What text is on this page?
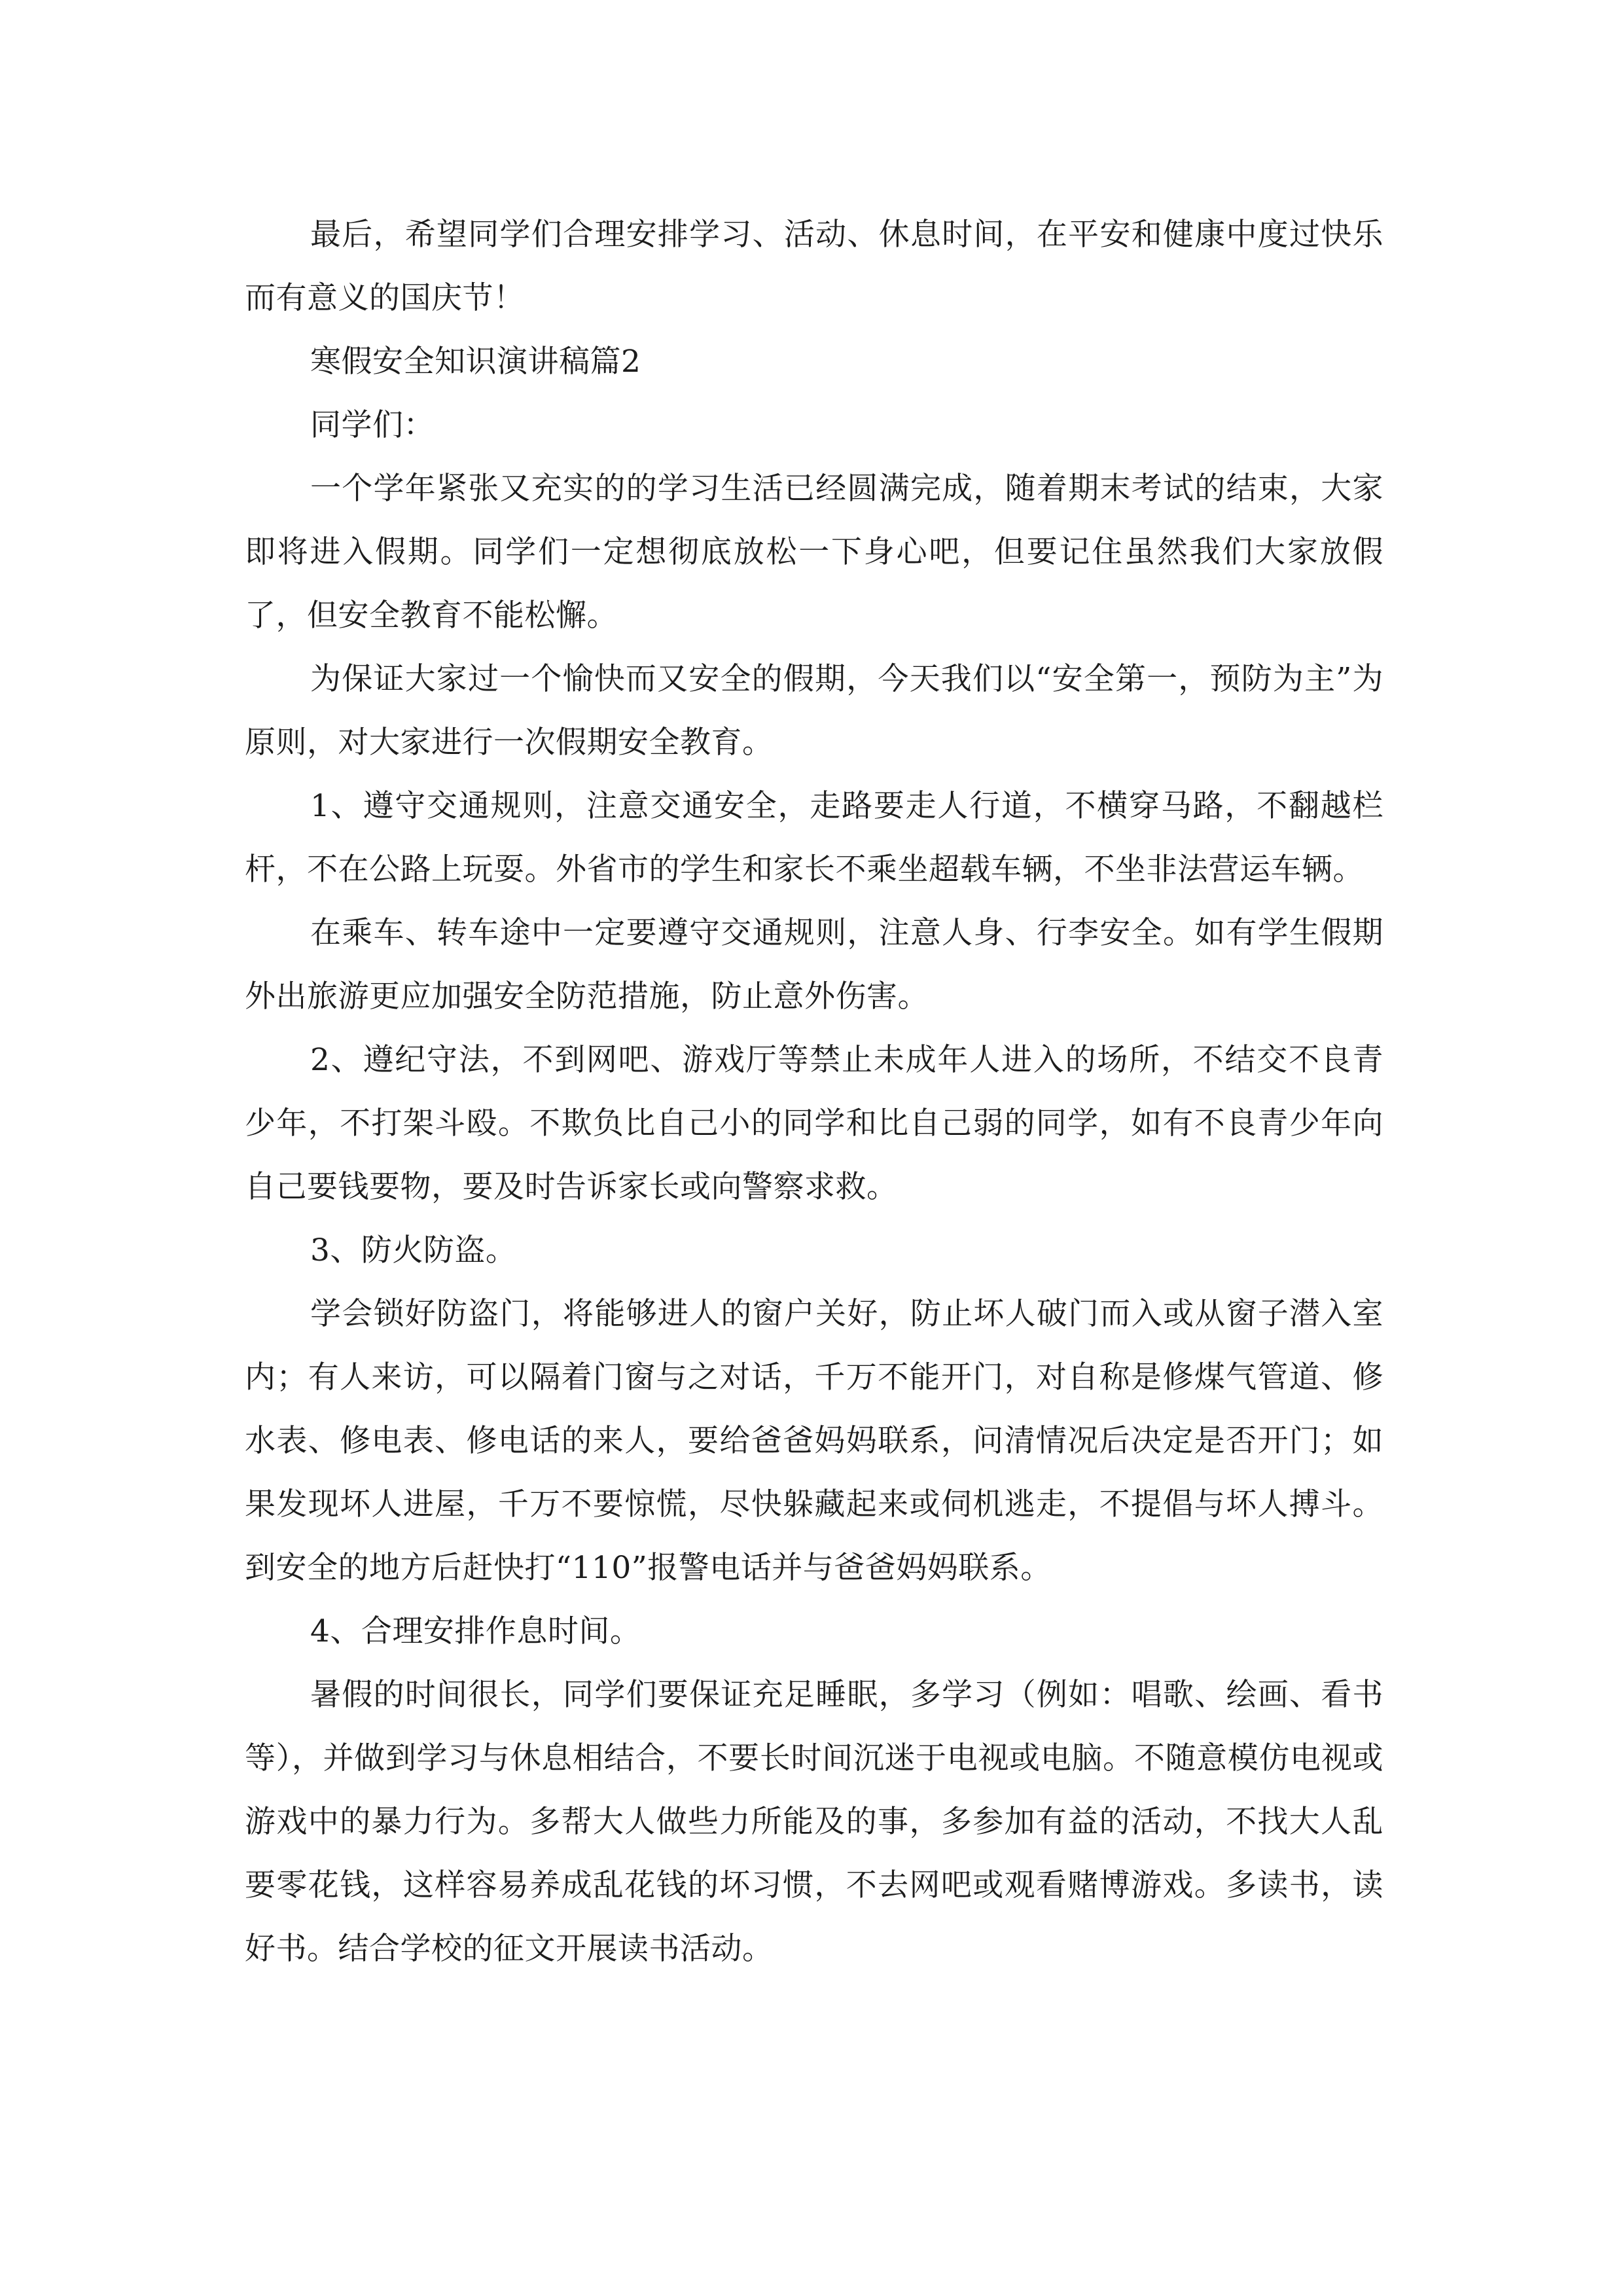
最后，希望同学们合理安排学习、活动、休息时间，在平安和健康中度过快乐而有意义的国庆节！

寒假安全知识演讲稿篇2

同学们：

一个学年紧张又充实的的学习生活已经圆满完成，随着期末考试的结束，大家即将进入假期。同学们一定想彻底放松一下身心吧，但要记住虽然我们大家放假了，但安全教育不能松懈。

为保证大家过一个愉快而又安全的假期，今天我们以“安全第一，预防为主”为原则，对大家进行一次假期安全教育。

1、遵守交通规则，注意交通安全，走路要走人行道，不横穿马路，不翻越栏杆，不在公路上玩耍。外省市的学生和家长不乘坐超载车辆，不坐非法营运车辆。

在乘车、转车途中一定要遵守交通规则，注意人身、行李安全。如有学生假期外出旅游更应加强安全防范措施，防止意外伤害。

2、遵纪守法，不到网吧、游戏厅等禁止未成年人进入的场所，不结交不良青少年，不打架斗殴。不欺负比自己小的同学和比自己弱的同学，如有不良青少年向自己要钱要物，要及时告诉家长或向警察求救。

3、防火防盗。

学会锁好防盗门，将能够进人的窗户关好，防止坏人破门而入或从窗子潜入室内；有人来访，可以隔着门窗与之对话，千万不能开门，对自称是修煤气管道、修水表、修电表、修电话的来人，要给爸爸妈妈联系，问清情况后决定是否开门；如果发现坏人进屋，千万不要惊慌，尽快躲藏起来或伺机逃走，不提倡与坏人搏斗。到安全的地方后赶快打“110”报警电话并与爸爸妈妈联系。

4、合理安排作息时间。

暑假的时间很长，同学们要保证充足睡眠，多学习（例如：唱歌、绘画、看书等），并做到学习与休息相结合，不要长时间沉迷于电视或电脑。不随意模仿电视或游戏中的暴力行为。多帮大人做些力所能及的事，多参加有益的活动，不找大人乱要零花钱，这样容易养成乱花钱的坏习惯，不去网吧或观看赌博游戏。多读书，读好书。结合学校的征文开展读书活动。
